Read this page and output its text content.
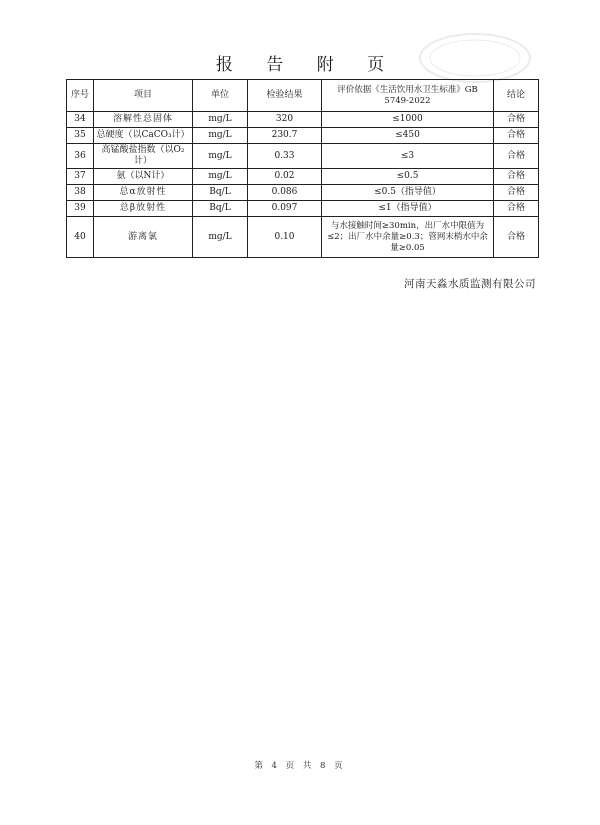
报 告 附 页
序号	项目	单位	检验结果	评价依据《生活饮用水卫生标准》GB 5749-2022	结论
34	溶解性总固体	mg/L	320	≤1000	合格
35	总硬度（以CaCO₃计）	mg/L	230.7	≤450	合格
36	高锰酸盐指数（以O₂计）	mg/L	0.33	≤3	合格
37	氨（以N计）	mg/L	0.02	≤0.5	合格
38	总α放射性	Bq/L	0.086	≤0.5（指导值）	合格
39	总β放射性	Bq/L	0.097	≤1（指导值）	合格
40	游离氯	mg/L	0.10	与水接触时间≥30min，出厂水中限值为≤2；出厂水中余量≥0.3；管网末梢水中余量≥0.05	合格
河南天淼水质监测有限公司
第 4 页 共 8 页
